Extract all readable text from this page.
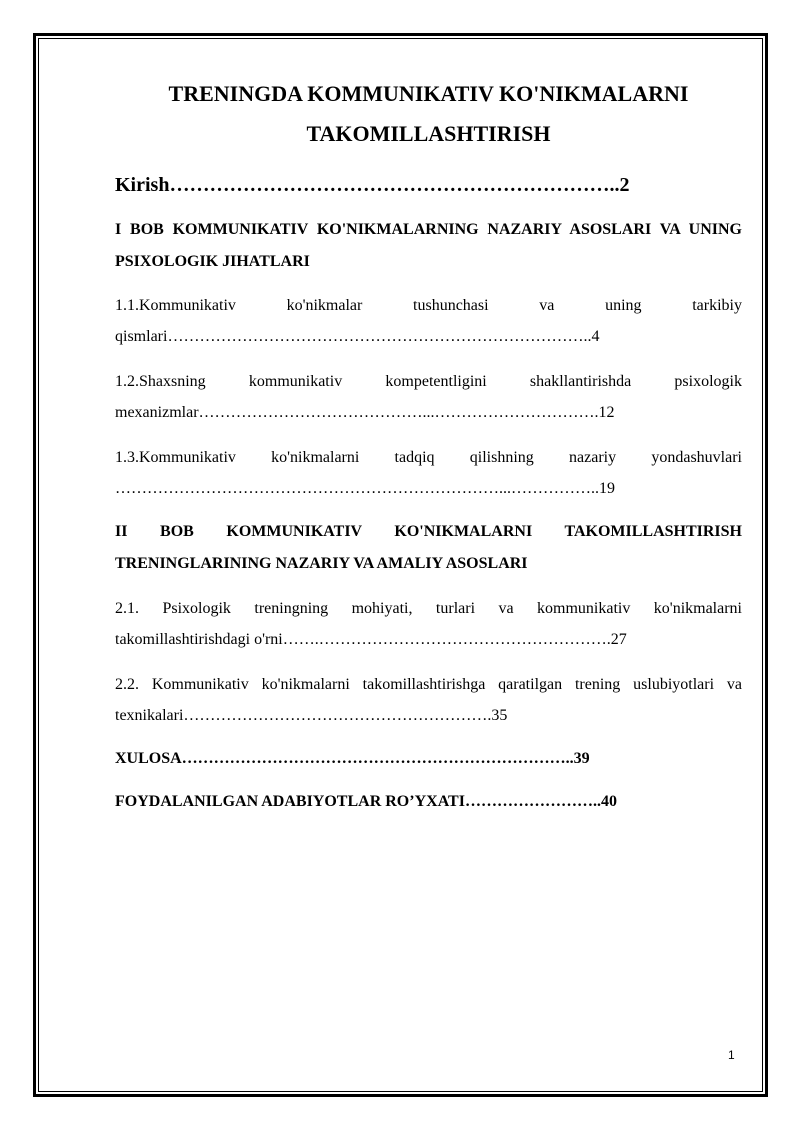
TRENINGDA KOMMUNIKATIV KO'NIKMALARNI
TAKOMILLASHTIRISH

Kirish…………………………………………………………..2

I BOB KOMMUNIKATIV KO'NIKMALARNING NAZARIY ASOSLARI VA UNING PSIXOLOGIK JIHATLARI

1.1.Kommunikativ ko'nikmalar tushunchasi va uning tarkibiy qismlari……………………………………………………………………..4

1.2.Shaxsning kommunikativ kompetentligini shakllantirishda psixologik mexanizmlar……………………………………...………………………….12

1.3.Kommunikativ ko'nikmalarni tadqiq qilishning nazariy yondashuvlari ………………………………………………………………...……………..19

II BOB KOMMUNIKATIV KO'NIKMALARNI TAKOMILLASHTIRISH TRENINGLARINING NAZARIY VA AMALIY ASOSLARI

2.1. Psixologik treningning mohiyati, turlari va kommunikativ ko'nikmalarni takomillashtirishdagi o'rni…….……………………………………………….27

2.2. Kommunikativ ko'nikmalarni takomillashtirishga qaratilgan trening uslubiyotlari va texnikalari………………………………………………….35

XULOSA………………………………………………………………..39

FOYDALANILGAN ADABIYOTLAR RO’YXATI……………………..40

1
